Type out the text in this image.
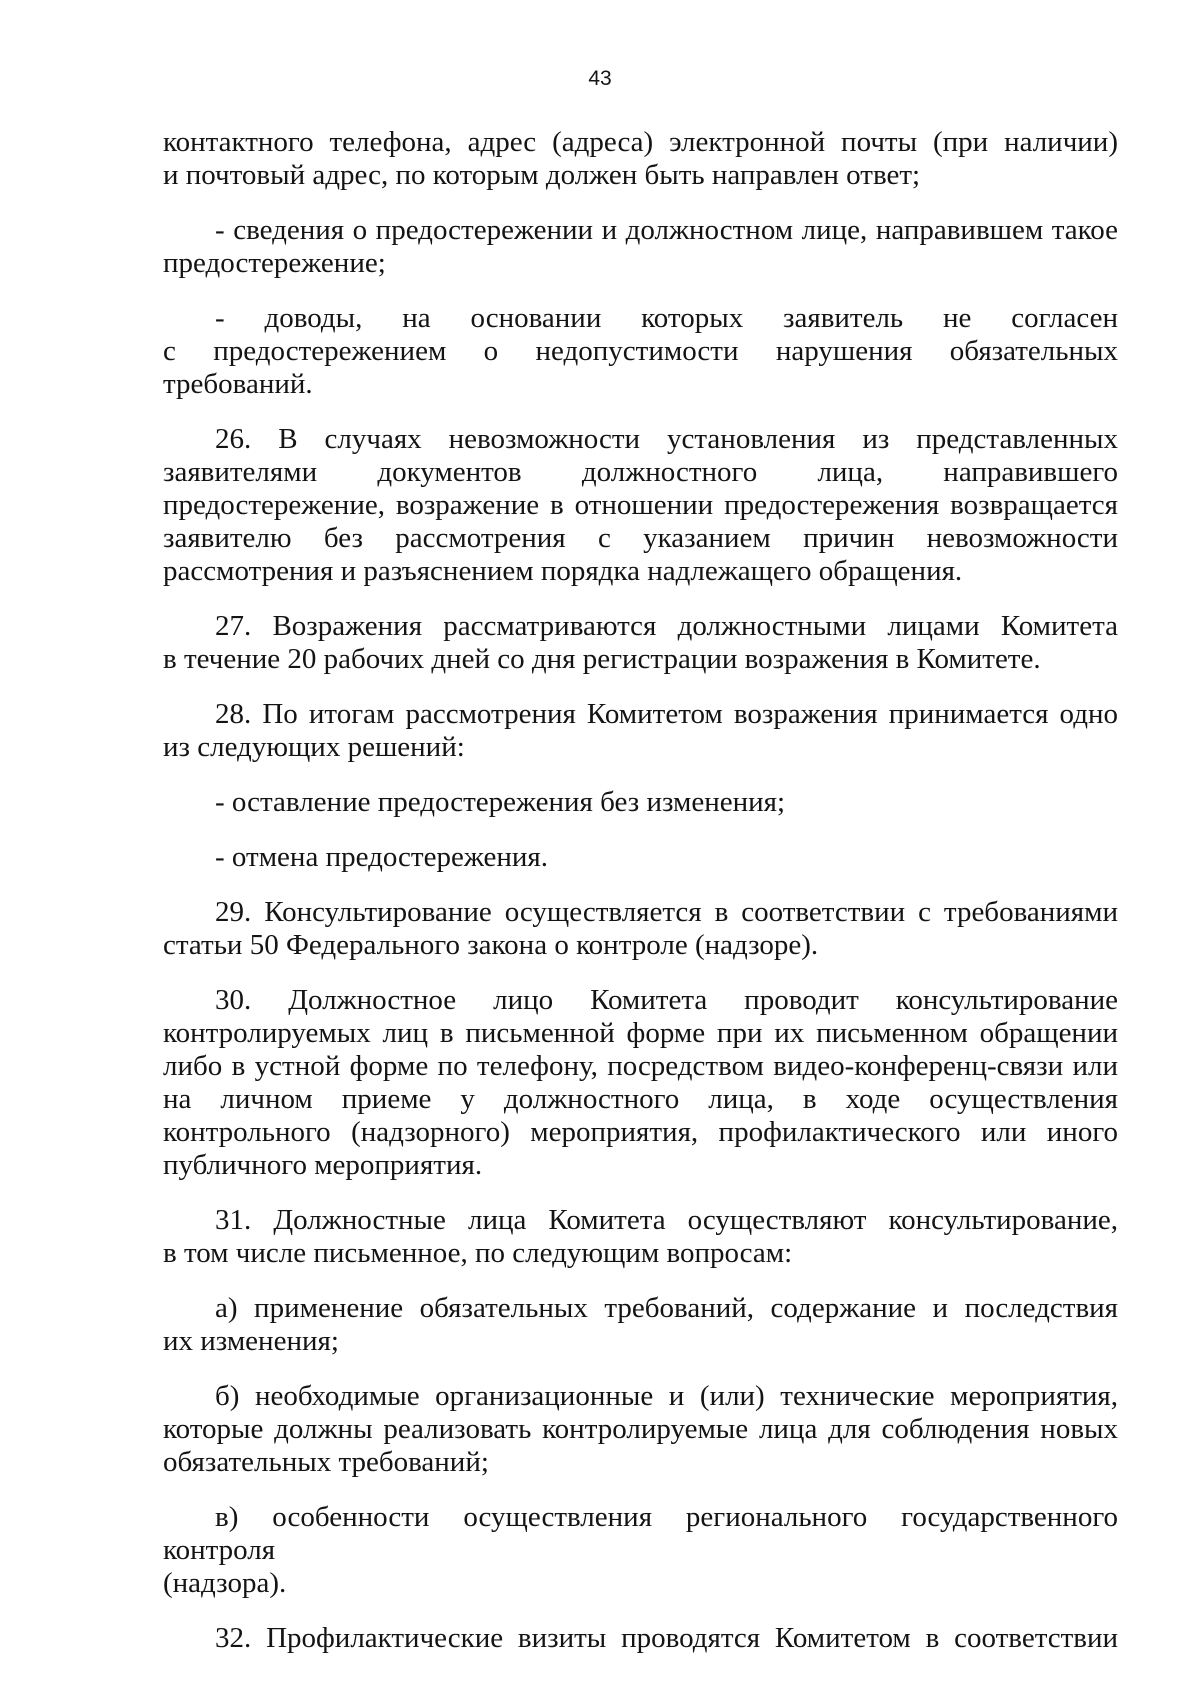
43

контактного телефона, адрес (адреса) электронной почты (при наличии)
и почтовый адрес, по которым должен быть направлен ответ;

- сведения о предостережении и должностном лице, направившем такое
предостережение;

- доводы, на основании которых заявитель не согласен
с предостережением о недопустимости нарушения обязательных требований.

26. В случаях невозможности установления из представленных
заявителями документов должностного лица, направившего предостережение, возражение в отношении предостережения возвращается заявителю без рассмотрения с указанием причин невозможности рассмотрения и разъяснением порядка надлежащего обращения.

27. Возражения рассматриваются должностными лицами Комитета
в течение 20 рабочих дней со дня регистрации возражения в Комитете.

28. По итогам рассмотрения Комитетом возражения принимается одно
из следующих решений:

- оставление предостережения без изменения;

- отмена предостережения.

29. Консультирование осуществляется в соответствии с требованиями
статьи 50 Федерального закона о контроле (надзоре).

30. Должностное лицо Комитета проводит консультирование
контролируемых лиц в письменной форме при их письменном обращении либо в устной форме по телефону, посредством видео-конференц-связи или на личном приеме у должностного лица, в ходе осуществления контрольного (надзорного) мероприятия, профилактического или иного публичного мероприятия.

31. Должностные лица Комитета осуществляют консультирование,
в том числе письменное, по следующим вопросам:

а) применение обязательных требований, содержание и последствия
их изменения;

б) необходимые организационные и (или) технические мероприятия,
которые должны реализовать контролируемые лица для соблюдения новых обязательных требований;

в) особенности осуществления регионального государственного контроля
(надзора).

32. Профилактические визиты проводятся Комитетом в соответствии
